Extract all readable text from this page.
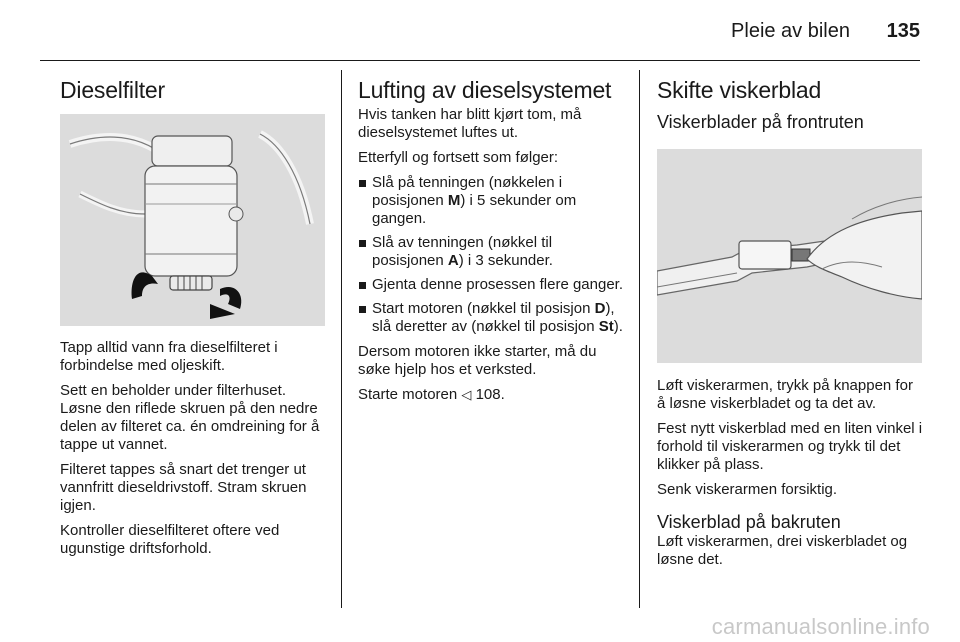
Pleie av bilen	135
Dieselfilter

Tapp alltid vann fra dieselfilteret i forbindelse med oljeskift.

Sett en beholder under filterhuset. Løsne den riflede skruen på den nedre delen av filteret ca. én omdreining for å tappe ut vannet.

Filteret tappes så snart det trenger ut vannfritt dieseldrivstoff. Stram skruen igjen.

Kontroller dieselfilteret oftere ved ugunstige driftsforhold.

Lufting av dieselsystemet

Hvis tanken har blitt kjørt tom, må dieselsystemet luftes ut.

Etterfyll og fortsett som følger:

Slå på tenningen (nøkkelen i posisjonen M) i 5 sekunder om gangen.
Slå av tenningen (nøkkel til posisjonen A) i 3 sekunder.
Gjenta denne prosessen flere ganger.
Start motoren (nøkkel til posisjon D), slå deretter av (nøkkel til posisjon St).

Dersom motoren ikke starter, må du søke hjelp hos et verksted.

Starte motoren ◁ 108.

Skifte viskerblad
Viskerblader på frontruten

Løft viskerarmen, trykk på knappen for å løsne viskerbladet og ta det av.

Fest nytt viskerblad med en liten vinkel i forhold til viskerarmen og trykk til det klikker på plass.

Senk viskerarmen forsiktig.

Viskerblad på bakruten

Løft viskerarmen, drei viskerbladet og løsne det.

carmanualsonline.info
